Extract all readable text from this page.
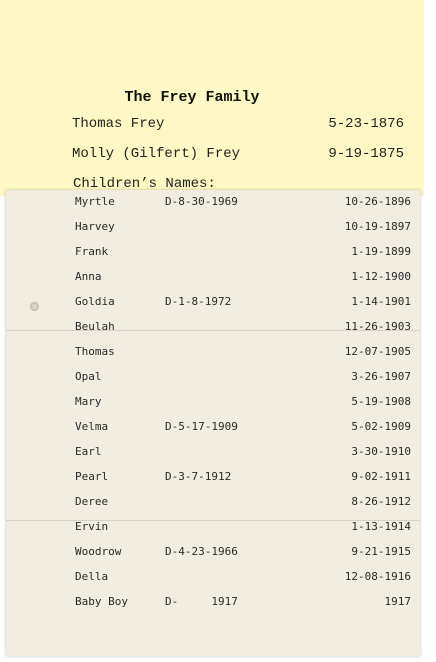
The Frey Family
Thomas Frey	5-23-1876
Molly (Gilfert) Frey	9-19-1875
Children’s Names:
Myrtle	D-8-30-1969	10-26-1896
Harvey	10-19-1897
Frank	1-19-1899
Anna	1-12-1900
Goldia	D-1-8-1972	1-14-1901
Beulah	11-26-1903
Thomas	12-07-1905
Opal	3-26-1907
Mary	5-19-1908
Velma	D-5-17-1909	5-02-1909
Earl	3-30-1910
Pearl	D-3-7-1912	9-02-1911
Deree	8-26-1912
Ervin	1-13-1914
Woodrow	D-4-23-1966	9-21-1915
Della	12-08-1916
Baby Boy	D-     1917	1917
